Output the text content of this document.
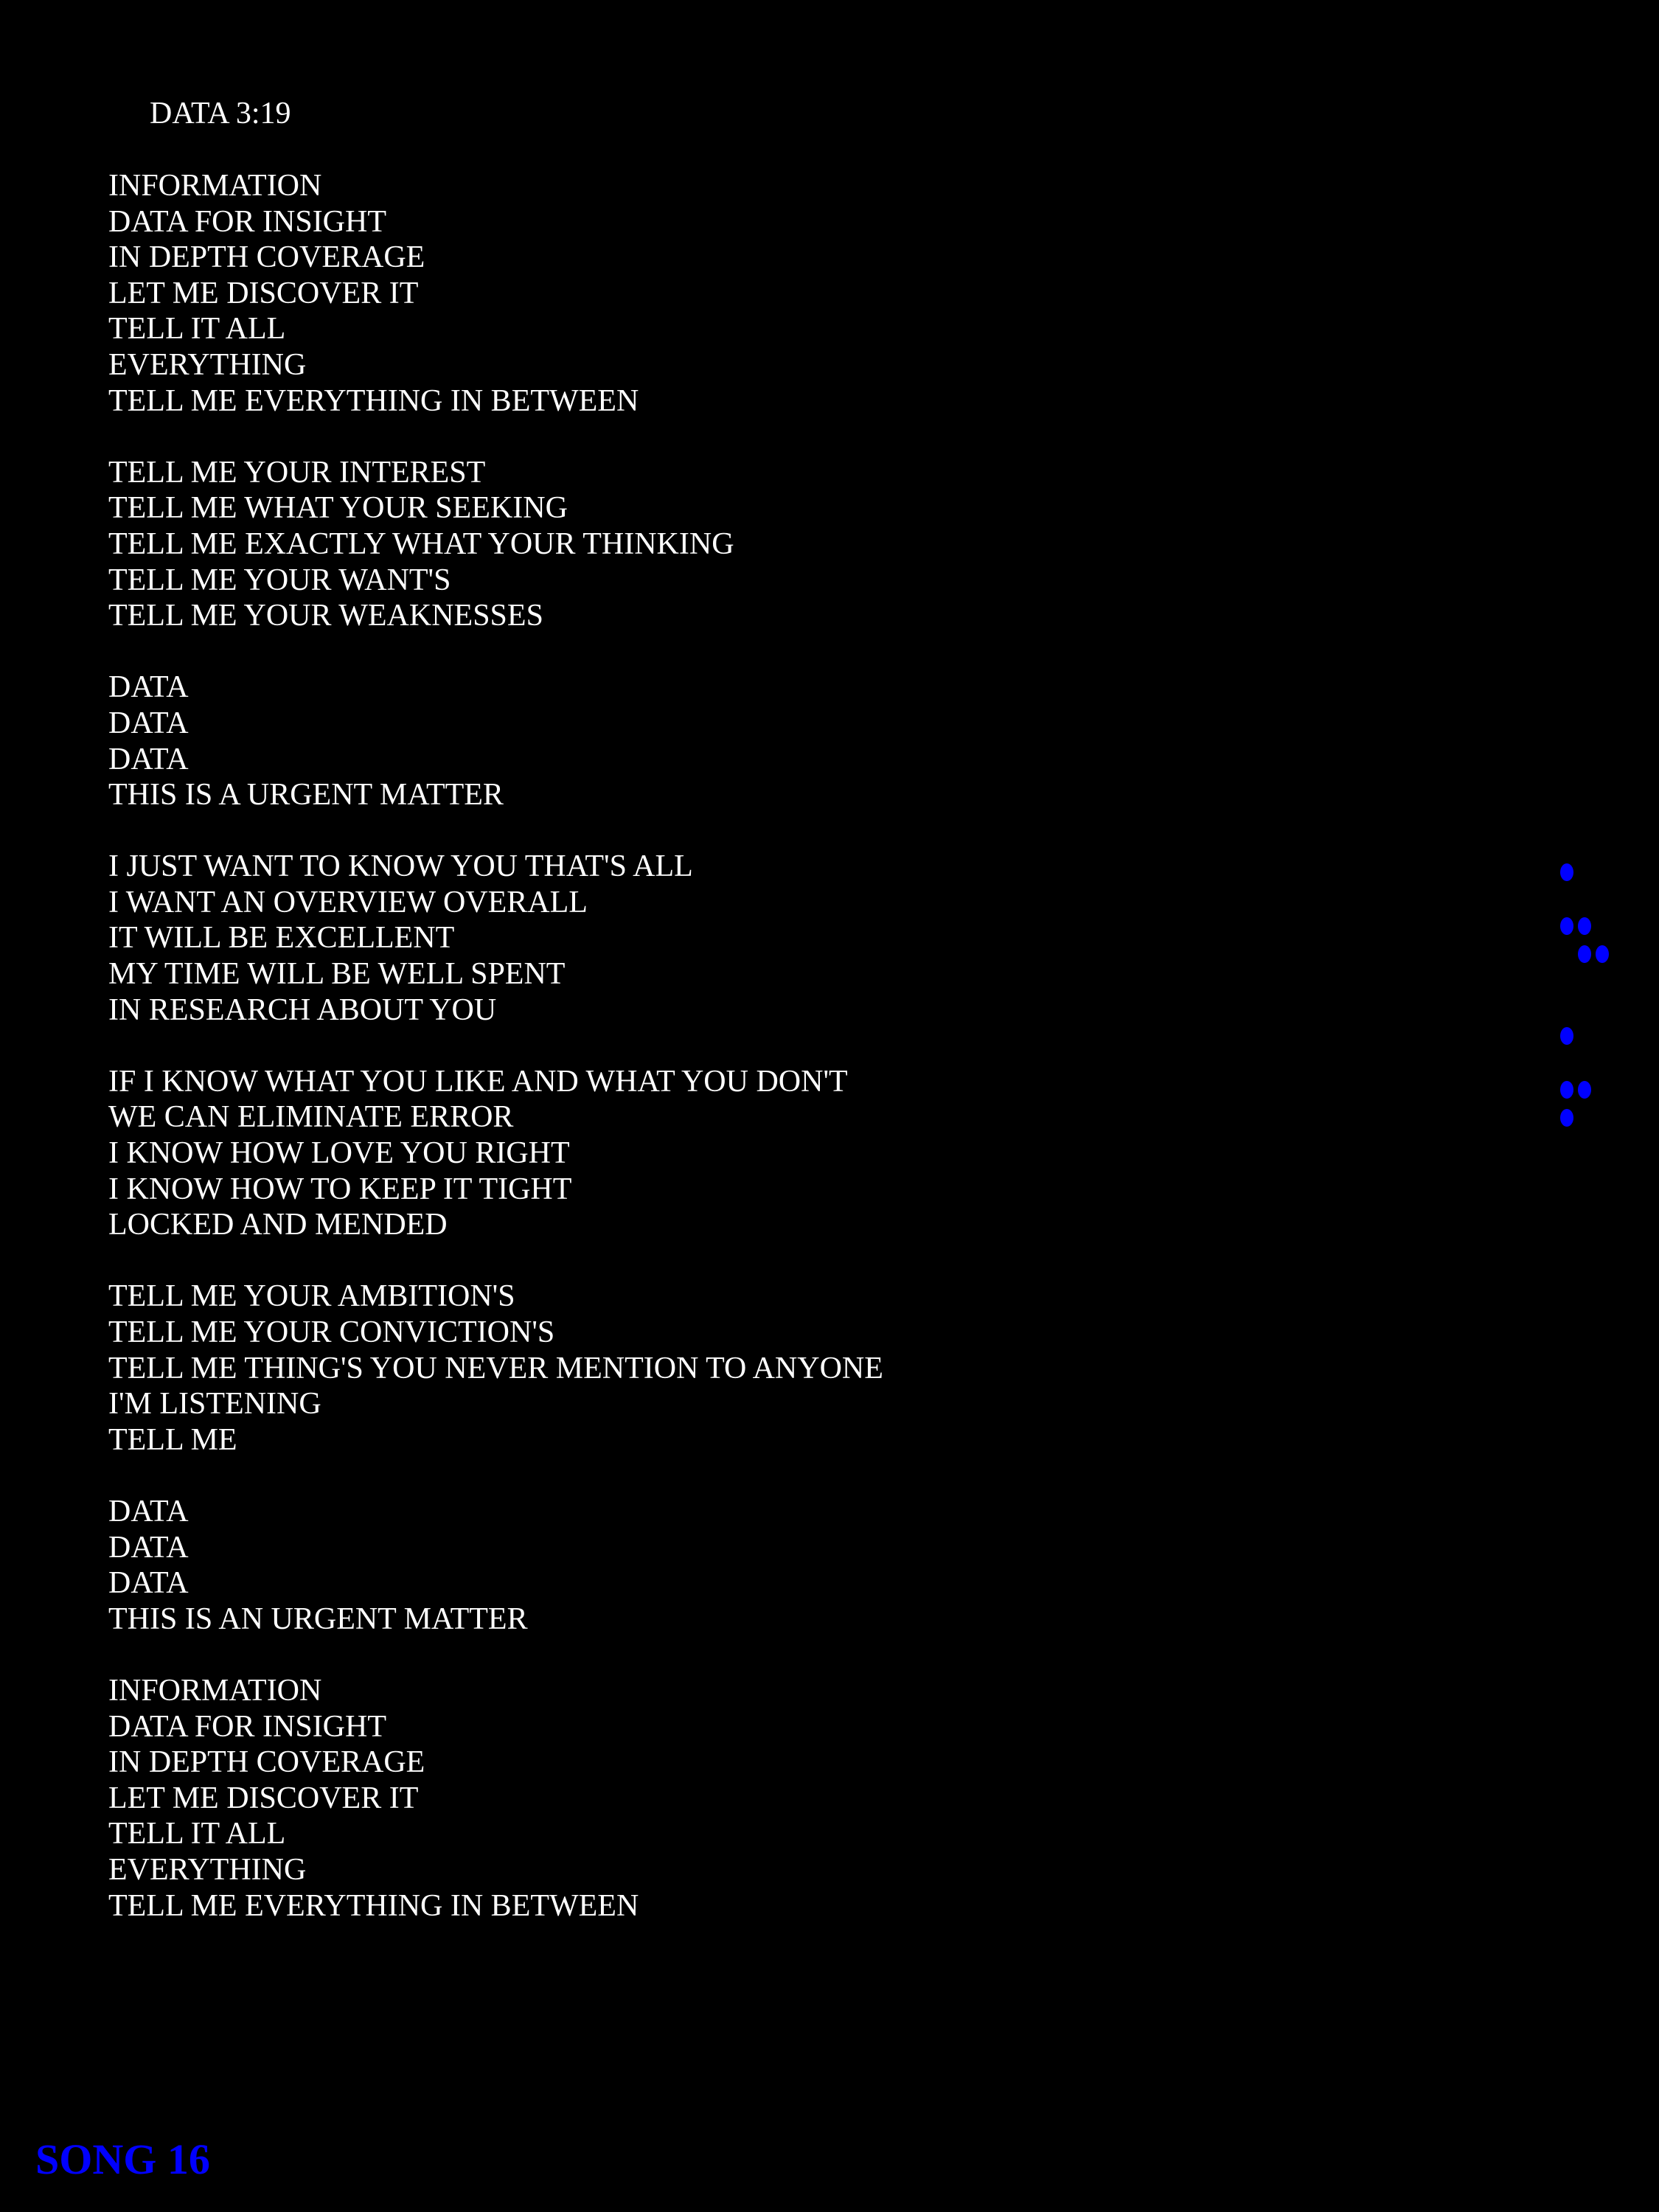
DATA 3:19
INFORMATION
DATA FOR INSIGHT
IN DEPTH COVERAGE
LET ME DISCOVER IT
TELL IT ALL
EVERYTHING
TELL ME EVERYTHING IN BETWEEN
TELL ME YOUR INTEREST
TELL ME WHAT YOUR SEEKING
TELL ME EXACTLY WHAT YOUR THINKING
TELL ME YOUR WANT'S
TELL ME YOUR WEAKNESSES
DATA
DATA
DATA
THIS IS A URGENT MATTER
I JUST WANT TO KNOW YOU THAT'S ALL
I WANT AN OVERVIEW OVERALL
IT WILL BE EXCELLENT
MY TIME WILL BE WELL SPENT
IN RESEARCH ABOUT YOU
IF I KNOW WHAT YOU LIKE AND WHAT YOU DON'T
WE CAN ELIMINATE ERROR
I KNOW HOW LOVE YOU RIGHT
I KNOW HOW TO KEEP IT TIGHT
LOCKED AND MENDED
TELL ME YOUR AMBITION'S
TELL ME YOUR CONVICTION'S
TELL ME THING'S YOU NEVER MENTION TO ANYONE
I'M LISTENING
TELL ME
DATA
DATA
DATA
THIS IS AN URGENT MATTER
INFORMATION
DATA FOR INSIGHT
IN DEPTH COVERAGE
LET ME DISCOVER IT
TELL IT ALL
EVERYTHING
TELL ME EVERYTHING IN BETWEEN
SONG 16
